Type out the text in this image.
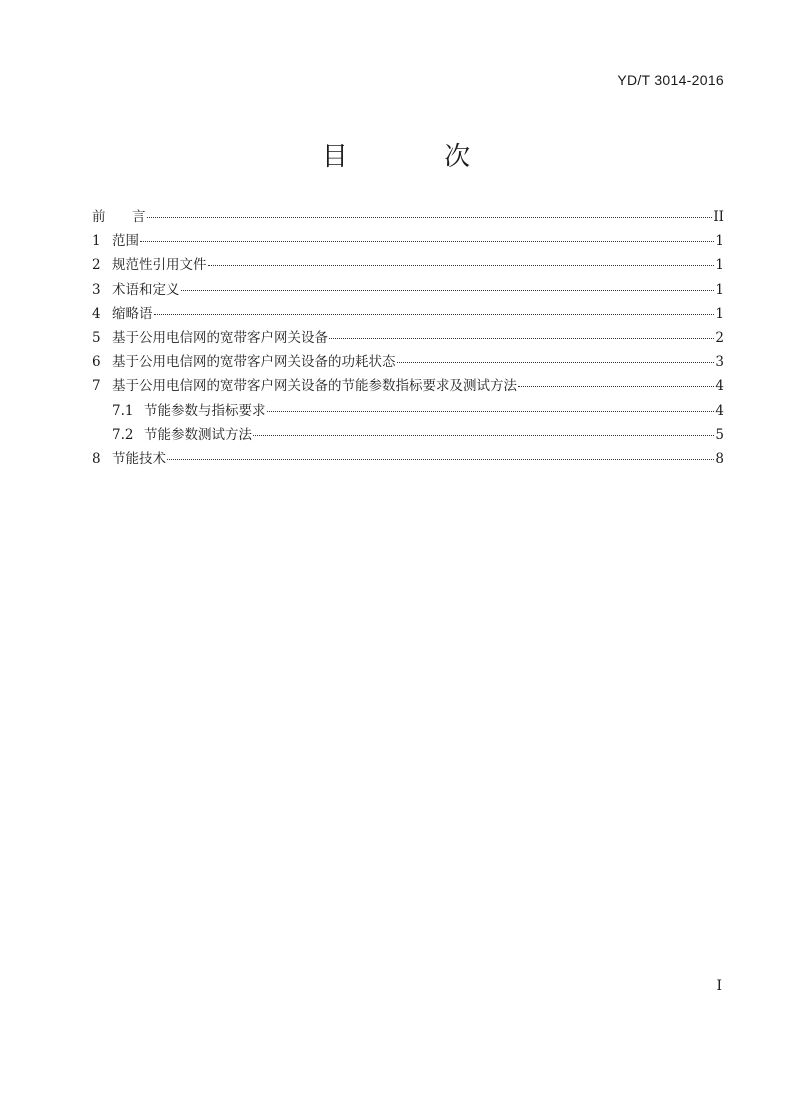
YD/T 3014-2016
目 次
前	言	II
1 范围	1
2 规范性引用文件	1
3 术语和定义	1
4 缩略语	1
5 基于公用电信网的宽带客户网关设备	2
6 基于公用电信网的宽带客户网关设备的功耗状态	3
7 基于公用电信网的宽带客户网关设备的节能参数指标要求及测试方法	4
7.1 节能参数与指标要求	4
7.2 节能参数测试方法	5
8 节能技术	8
I
